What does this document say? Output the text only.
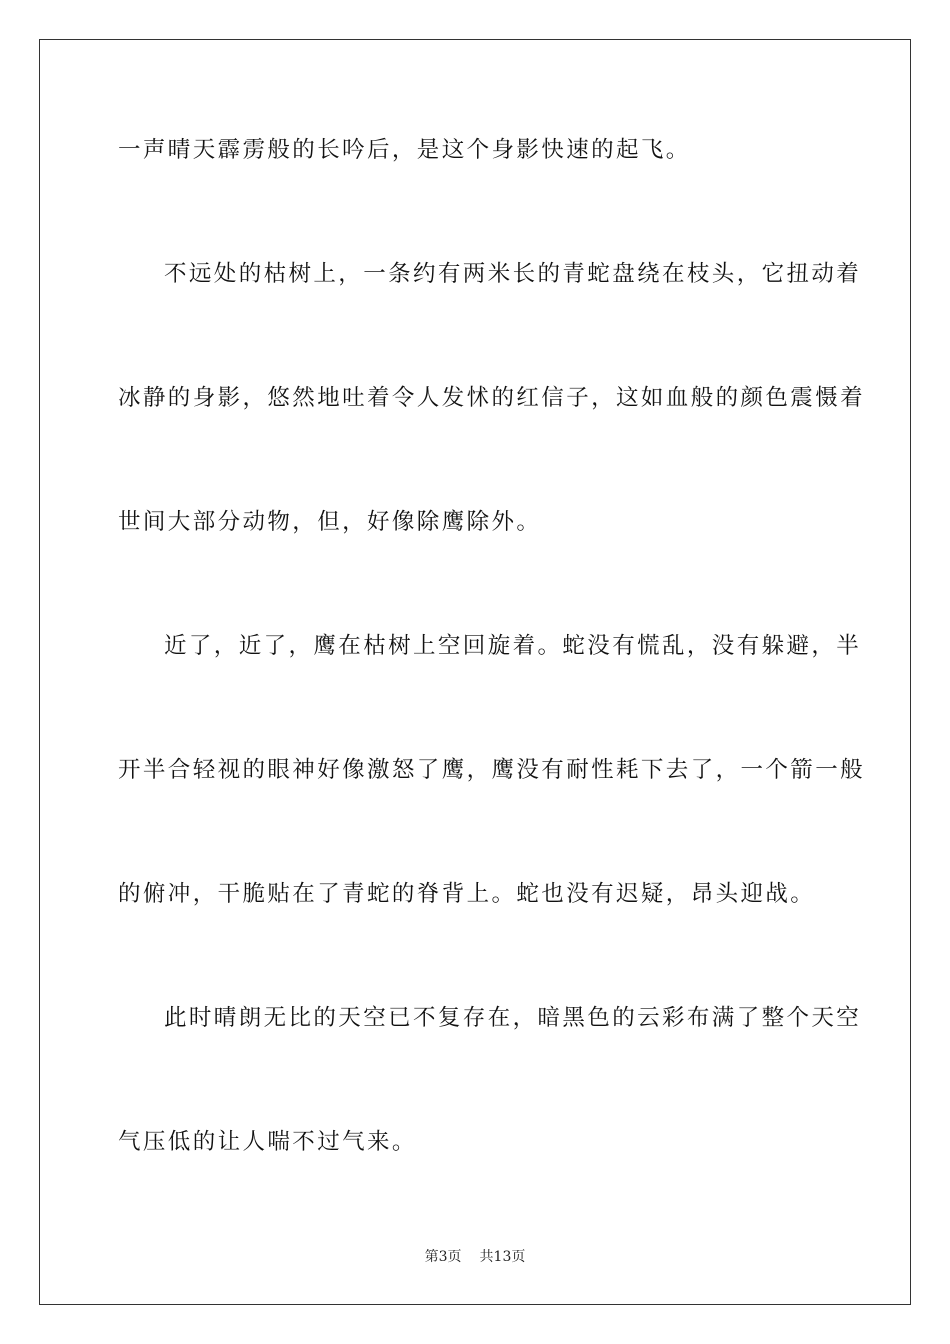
一声晴天霹雳般的长吟后，是这个身影快速的起飞。
不远处的枯树上，一条约有两米长的青蛇盘绕在枝头，它扭动着
冰静的身影，悠然地吐着令人发怵的红信子，这如血般的颜色震慑着
世间大部分动物，但，好像除鹰除外。
近了，近了，鹰在枯树上空回旋着。蛇没有慌乱，没有躲避，半
开半合轻视的眼神好像激怒了鹰，鹰没有耐性耗下去了，一个箭一般
的俯冲，干脆贴在了青蛇的脊背上。蛇也没有迟疑，昂头迎战。
此时晴朗无比的天空已不复存在，暗黑色的云彩布满了整个天空
气压低的让人喘不过气来。
第3页 共13页
